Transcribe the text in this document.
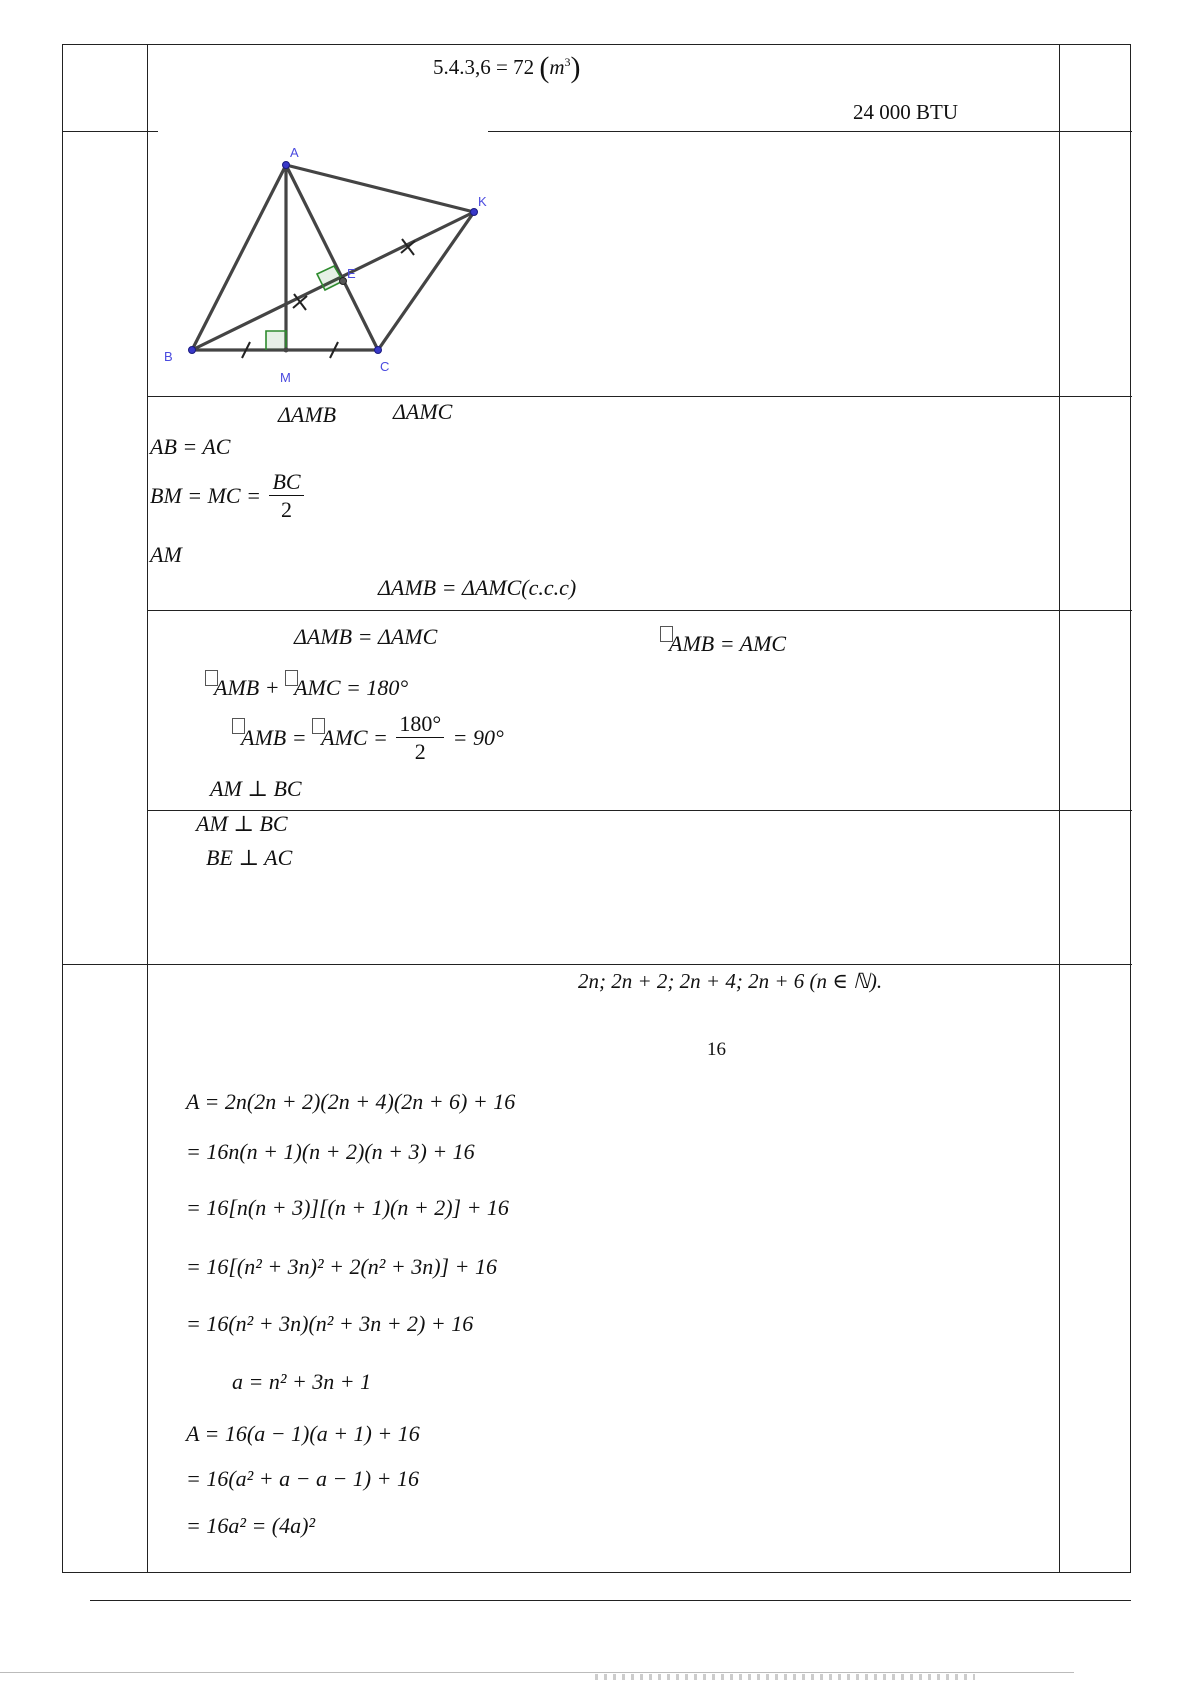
5.4.3,6 = 72 $(m^3)$
24 000 BTU
A
B
C
M
E
K
ΔAMB	ΔAMC
AB = AC
BM = MC = $\frac{BC}{2}$
AM
ΔAMB = ΔAMC(c.c.c)
ΔAMB = ΔAMC	AMB = AMC
AMB + AMC = 180°
AMB = AMC = $\frac{180^\circ}{2} = 90^\circ$
AM ⊥ BC
AM ⊥ BC
BE ⊥ AC
2n; 2n + 2; 2n + 4; 2n + 6 (n ∈ ℕ).
16
A = 2n(2n + 2)(2n + 4)(2n + 6) + 16
= 16n(n + 1)(n + 2)(n + 3) + 16
= 16[n(n + 3)][(n + 1)(n + 2)] + 16
= 16[(n² + 3n)² + 2(n² + 3n)] + 16
= 16(n² + 3n)(n² + 3n + 2) + 16
a = n² + 3n + 1
A = 16(a − 1)(a + 1) + 16
= 16(a² + a − a − 1) + 16
= 16a² = (4a)²
